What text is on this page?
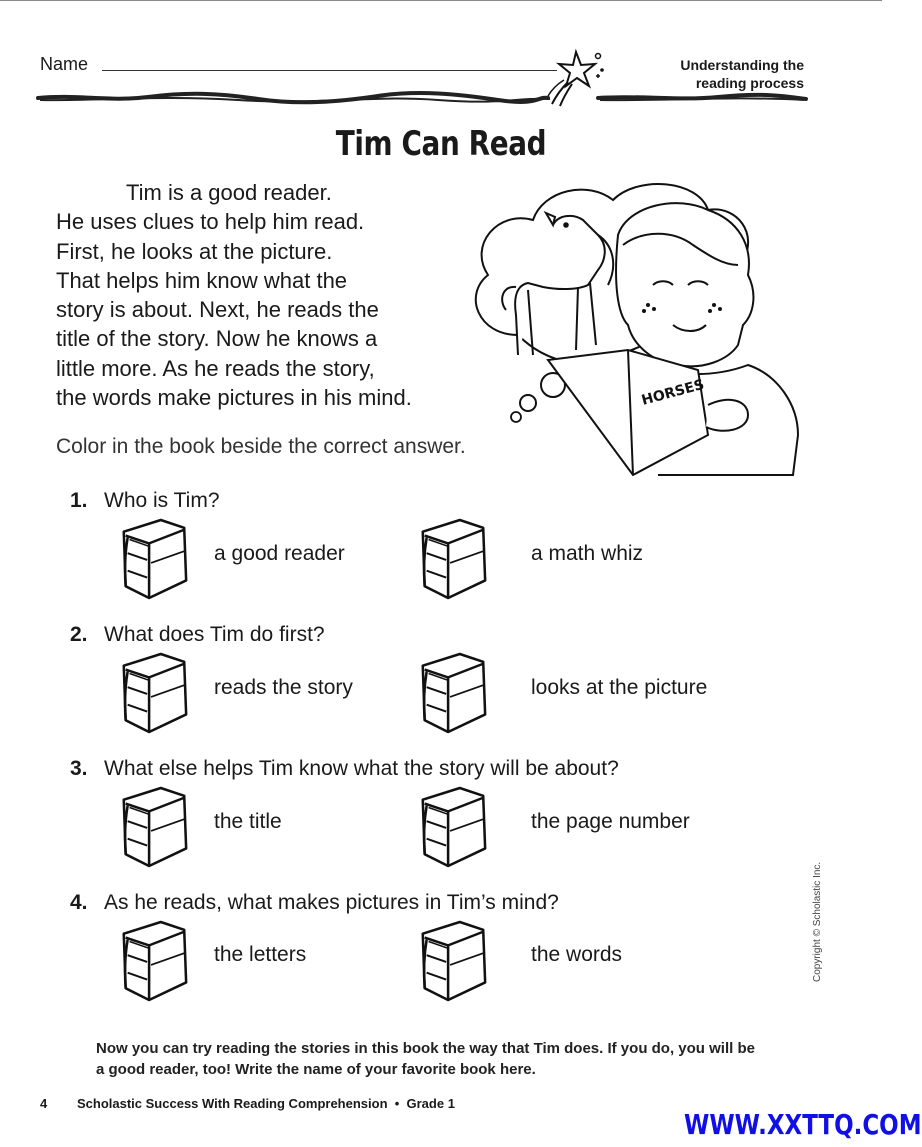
Name	Understanding the
reading process
Tim Can Read
Tim is a good reader.
He uses clues to help him read.
First, he looks at the picture.
That helps him know what the
story is about. Next, he reads the
title of the story. Now he knows a
little more. As he reads the story,
the words make pictures in his mind.	HORSES
Color in the book beside the correct answer.
1. Who is Tim?
2. What does Tim do first?
3. What else helps Tim know what the story will be about?
4. As he reads, what makes pictures in Tim’s mind?
a good reader	a math whiz
reads the story	looks at the picture
the title	the page number
the letters	the words
Now you can try reading the stories in this book the way that Tim does. If you do, you will be
a good reader, too! Write the name of your favorite book here.
4 Scholastic Success With Reading Comprehension  •  Grade 1
Copyright © Scholastic Inc.
WWW.XXTTQ.COM
